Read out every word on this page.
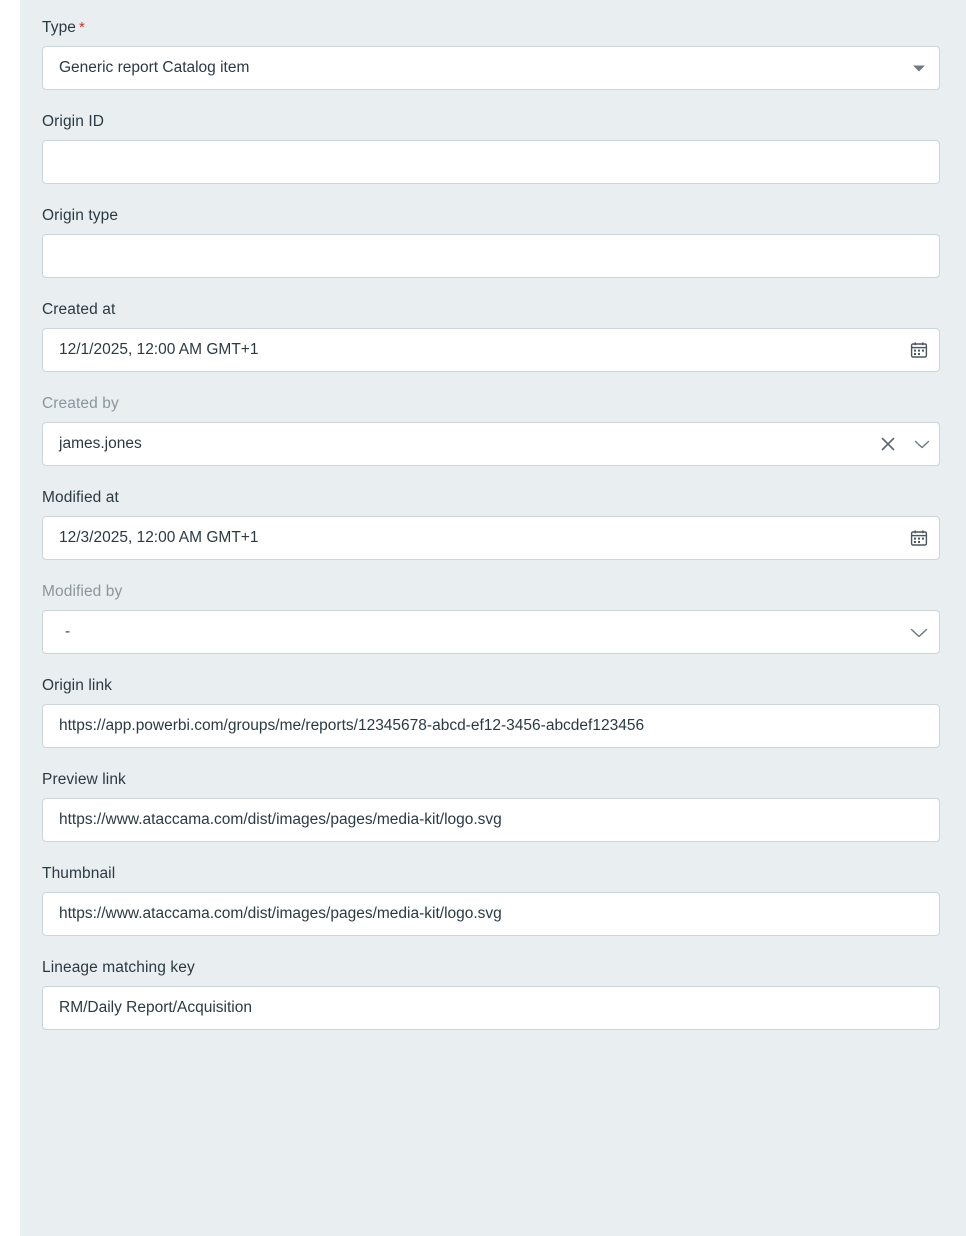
Type *
Generic report Catalog item
Origin ID
Origin type
Created at
12/1/2025, 12:00 AM GMT+1
Created by
james.jones
Modified at
12/3/2025, 12:00 AM GMT+1
Modified by
-
Origin link
https://app.powerbi.com/groups/me/reports/12345678-abcd-ef12-3456-abcdef123456
Preview link
https://www.ataccama.com/dist/images/pages/media-kit/logo.svg
Thumbnail
https://www.ataccama.com/dist/images/pages/media-kit/logo.svg
Lineage matching key
RM/Daily Report/Acquisition
